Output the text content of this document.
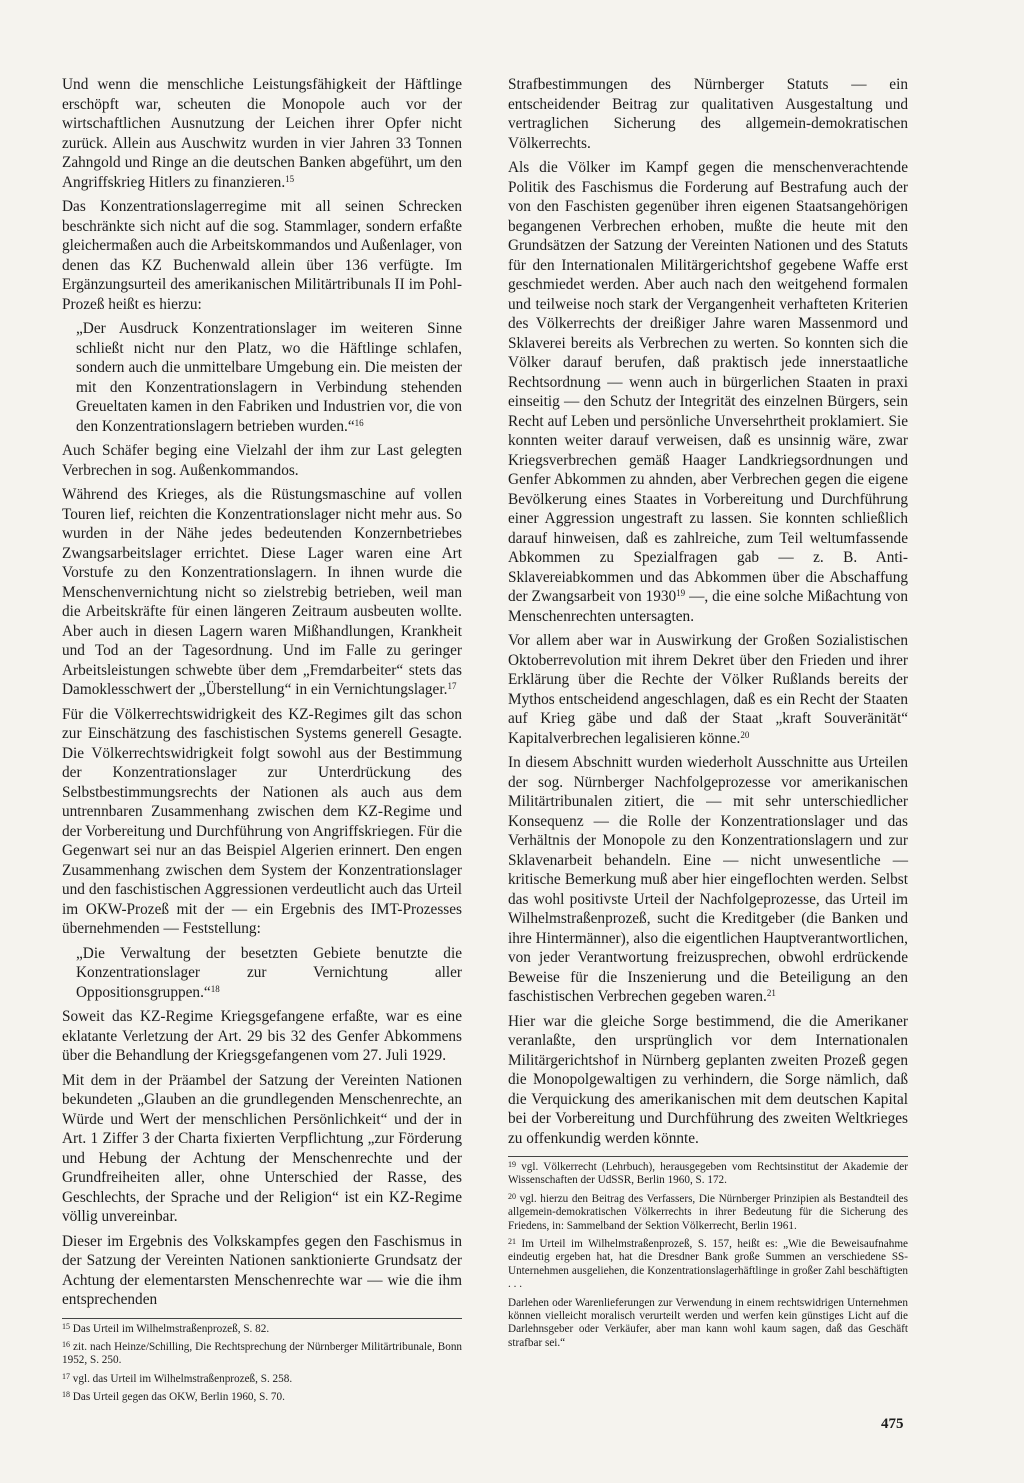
Und wenn die menschliche Leistungsfähigkeit der Häftlinge erschöpft war, scheuten die Monopole auch vor der wirtschaftlichen Ausnutzung der Leichen ihrer Opfer nicht zurück. Allein aus Auschwitz wurden in vier Jahren 33 Tonnen Zahngold und Ringe an die deutschen Banken abgeführt, um den Angriffskrieg Hitlers zu finanzieren.$^{15}$

Das Konzentrationslagerregime mit all seinen Schrecken beschränkte sich nicht auf die sog. Stammlager, sondern erfaßte gleichermaßen auch die Arbeitskommandos und Außenlager, von denen das KZ Buchenwald allein über 136 verfügte. Im Ergänzungsurteil des amerikanischen Militärtribunals II im Pohl-Prozeß heißt es hierzu:

„Der Ausdruck Konzentrationslager im weiteren Sinne schließt nicht nur den Platz, wo die Häftlinge schlafen, sondern auch die unmittelbare Umgebung ein. Die meisten der mit den Konzentrationslagern in Verbindung stehenden Greueltaten kamen in den Fabriken und Industrien vor, die von den Konzentrationslagern betrieben wurden.“$^{16}$

Auch Schäfer beging eine Vielzahl der ihm zur Last gelegten Verbrechen in sog. Außenkommandos.

Während des Krieges, als die Rüstungsmaschine auf vollen Touren lief, reichten die Konzentrationslager nicht mehr aus. So wurden in der Nähe jedes bedeutenden Konzernbetriebes Zwangsarbeitslager errichtet. Diese Lager waren eine Art Vorstufe zu den Konzentrationslagern. In ihnen wurde die Menschenvernichtung nicht so zielstrebig betrieben, weil man die Arbeitskräfte für einen längeren Zeitraum ausbeuten wollte. Aber auch in diesen Lagern waren Mißhandlungen, Krankheit und Tod an der Tagesordnung. Und im Falle zu geringer Arbeitsleistungen schwebte über dem „Fremdarbeiter“ stets das Damoklesschwert der „Überstellung“ in ein Vernichtungslager.$^{17}$

Für die Völkerrechtswidrigkeit des KZ-Regimes gilt das schon zur Einschätzung des faschistischen Systems generell Gesagte. Die Völkerrechtswidrigkeit folgt sowohl aus der Bestimmung der Konzentrationslager zur Unterdrückung des Selbstbestimmungsrechts der Nationen als auch aus dem untrennbaren Zusammenhang zwischen dem KZ-Regime und der Vorbereitung und Durchführung von Angriffskriegen. Für die Gegenwart sei nur an das Beispiel Algerien erinnert. Den engen Zusammenhang zwischen dem System der Konzentrationslager und den faschistischen Aggressionen verdeutlicht auch das Urteil im OKW-Prozeß mit der — ein Ergebnis des IMT-Prozesses übernehmenden — Feststellung:

„Die Verwaltung der besetzten Gebiete benutzte die Konzentrationslager zur Vernichtung aller Oppositionsgruppen.“$^{18}$

Soweit das KZ-Regime Kriegsgefangene erfaßte, war es eine eklatante Verletzung der Art. 29 bis 32 des Genfer Abkommens über die Behandlung der Kriegsgefangenen vom 27. Juli 1929.

Mit dem in der Präambel der Satzung der Vereinten Nationen bekundeten „Glauben an die grundlegenden Menschenrechte, an Würde und Wert der menschlichen Persönlichkeit“ und der in Art. 1 Ziffer 3 der Charta fixierten Verpflichtung „zur Förderung und Hebung der Achtung der Menschenrechte und der Grundfreiheiten aller, ohne Unterschied der Rasse, des Geschlechts, der Sprache und der Religion“ ist ein KZ-Regime völlig unvereinbar.

Dieser im Ergebnis des Volkskampfes gegen den Faschismus in der Satzung der Vereinten Nationen sanktionierte Grundsatz der Achtung der elementarsten Menschenrechte war — wie die ihm entsprechenden

$^{15}$ Das Urteil im Wilhelmstraßenprozeß, S. 82.

$^{16}$ zit. nach Heinze/Schilling, Die Rechtsprechung der Nürnberger Militärtribunale, Bonn 1952, S. 250.

$^{17}$ vgl. das Urteil im Wilhelmstraßenprozeß, S. 258.

$^{18}$ Das Urteil gegen das OKW, Berlin 1960, S. 70.

Strafbestimmungen des Nürnberger Statuts — ein entscheidender Beitrag zur qualitativen Ausgestaltung und vertraglichen Sicherung des allgemein-demokratischen Völkerrechts.

Als die Völker im Kampf gegen die menschenverachtende Politik des Faschismus die Forderung auf Bestrafung auch der von den Faschisten gegenüber ihren eigenen Staatsangehörigen begangenen Verbrechen erhoben, mußte die heute mit den Grundsätzen der Satzung der Vereinten Nationen und des Statuts für den Internationalen Militärgerichtshof gegebene Waffe erst geschmiedet werden. Aber auch nach den weitgehend formalen und teilweise noch stark der Vergangenheit verhafteten Kriterien des Völkerrechts der dreißiger Jahre waren Massenmord und Sklaverei bereits als Verbrechen zu werten. So konnten sich die Völker darauf berufen, daß praktisch jede innerstaatliche Rechtsordnung — wenn auch in bürgerlichen Staaten in praxi einseitig — den Schutz der Integrität des einzelnen Bürgers, sein Recht auf Leben und persönliche Unversehrtheit proklamiert. Sie konnten weiter darauf verweisen, daß es unsinnig wäre, zwar Kriegsverbrechen gemäß Haager Landkriegsordnungen und Genfer Abkommen zu ahnden, aber Verbrechen gegen die eigene Bevölkerung eines Staates in Vorbereitung und Durchführung einer Aggression ungestraft zu lassen. Sie konnten schließlich darauf hinweisen, daß es zahlreiche, zum Teil weltumfassende Abkommen zu Spezialfragen gab — z. B. Anti-Sklavereiabkommen und das Abkommen über die Abschaffung der Zwangsarbeit von 1930$^{19}$ —, die eine solche Mißachtung von Menschenrechten untersagten.

Vor allem aber war in Auswirkung der Großen Sozialistischen Oktoberrevolution mit ihrem Dekret über den Frieden und ihrer Erklärung über die Rechte der Völker Rußlands bereits der Mythos entscheidend angeschlagen, daß es ein Recht der Staaten auf Krieg gäbe und daß der Staat „kraft Souveränität“ Kapitalverbrechen legalisieren könne.$^{20}$

In diesem Abschnitt wurden wiederholt Ausschnitte aus Urteilen der sog. Nürnberger Nachfolgeprozesse vor amerikanischen Militärtribunalen zitiert, die — mit sehr unterschiedlicher Konsequenz — die Rolle der Konzentrationslager und das Verhältnis der Monopole zu den Konzentrationslagern und zur Sklavenarbeit behandeln. Eine — nicht unwesentliche — kritische Bemerkung muß aber hier eingeflochten werden. Selbst das wohl positivste Urteil der Nachfolgeprozesse, das Urteil im Wilhelmstraßenprozeß, sucht die Kreditgeber (die Banken und ihre Hintermänner), also die eigentlichen Hauptverantwortlichen, von jeder Verantwortung freizusprechen, obwohl erdrückende Beweise für die Inszenierung und die Beteiligung an den faschistischen Verbrechen gegeben waren.$^{21}$

Hier war die gleiche Sorge bestimmend, die die Amerikaner veranlaßte, den ursprünglich vor dem Internationalen Militärgerichtshof in Nürnberg geplanten zweiten Prozeß gegen die Monopolgewaltigen zu verhindern, die Sorge nämlich, daß die Verquickung des amerikanischen mit dem deutschen Kapital bei der Vorbereitung und Durchführung des zweiten Weltkrieges zu offenkundig werden könnte.

$^{19}$ vgl. Völkerrecht (Lehrbuch), herausgegeben vom Rechtsinstitut der Akademie der Wissenschaften der UdSSR, Berlin 1960, S. 172.

$^{20}$ vgl. hierzu den Beitrag des Verfassers, Die Nürnberger Prinzipien als Bestandteil des allgemein-demokratischen Völkerrechts in ihrer Bedeutung für die Sicherung des Friedens, in: Sammelband der Sektion Völkerrecht, Berlin 1961.

$^{21}$ Im Urteil im Wilhelmstraßenprozeß, S. 157, heißt es: „Wie die Beweisaufnahme eindeutig ergeben hat, hat die Dresdner Bank große Summen an verschiedene SS-Unternehmen ausgeliehen, die Konzentrationslagerhäftlinge in großer Zahl beschäftigten . . .

Darlehen oder Warenlieferungen zur Verwendung in einem rechtswidrigen Unternehmen können vielleicht moralisch verurteilt werden und werfen kein günstiges Licht auf die Darlehnsgeber oder Verkäufer, aber man kann wohl kaum sagen, daß das Geschäft strafbar sei.“

475
